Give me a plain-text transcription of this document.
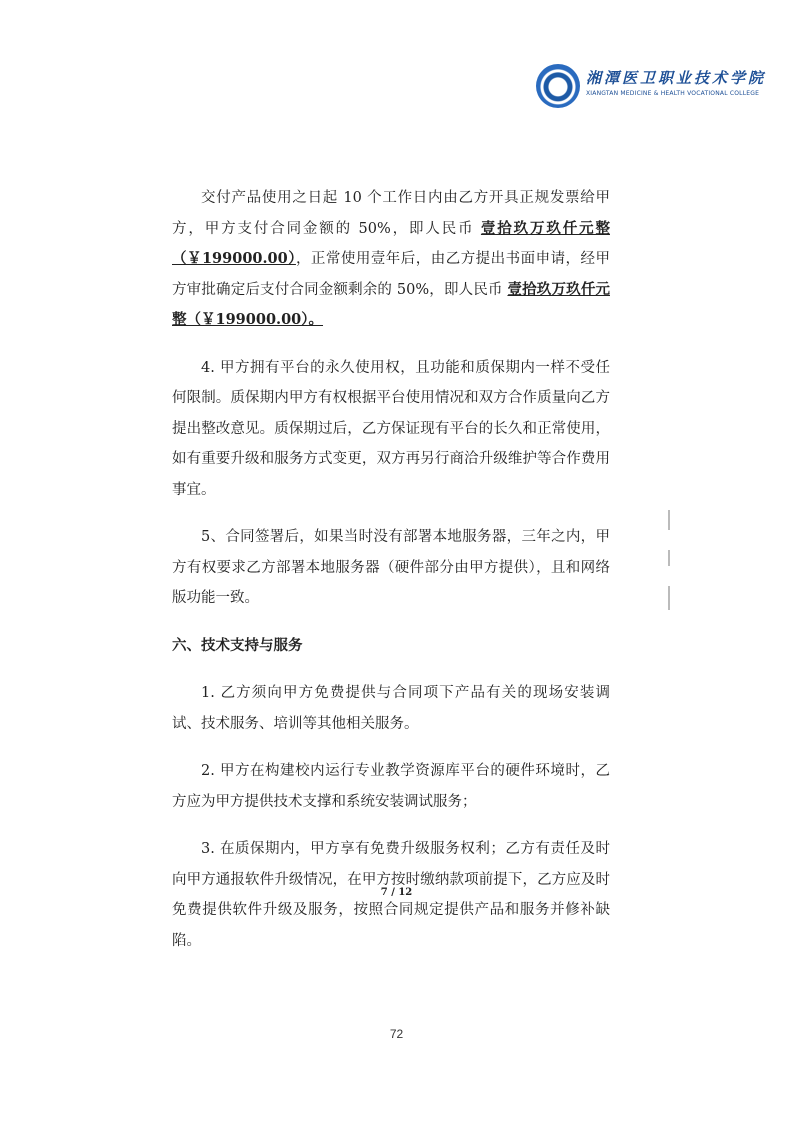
湘潭医卫职业技术学院
XIANGTAN MEDICINE & HEALTH VOCATIONAL COLLEGE

交付产品使用之日起 10 个工作日内由乙方开具正规发票给甲方，甲方支付合同金额的 50%，即人民币 壹拾玖万玖仟元整（￥199000.00），正常使用壹年后，由乙方提出书面申请，经甲方审批确定后支付合同金额剩余的 50%，即人民币 壹拾玖万玖仟元整（￥199000.00）。

4. 甲方拥有平台的永久使用权，且功能和质保期内一样不受任何限制。质保期内甲方有权根据平台使用情况和双方合作质量向乙方提出整改意见。质保期过后，乙方保证现有平台的长久和正常使用，如有重要升级和服务方式变更，双方再另行商洽升级维护等合作费用事宜。

5、合同签署后，如果当时没有部署本地服务器，三年之内，甲方有权要求乙方部署本地服务器（硬件部分由甲方提供），且和网络版功能一致。

六、技术支持与服务

1. 乙方须向甲方免费提供与合同项下产品有关的现场安装调试、技术服务、培训等其他相关服务。

2. 甲方在构建校内运行专业教学资源库平台的硬件环境时，乙方应为甲方提供技术支撑和系统安装调试服务；

3. 在质保期内，甲方享有免费升级服务权利；乙方有责任及时向甲方通报软件升级情况，在甲方按时缴纳款项前提下，乙方应及时免费提供软件升级及服务，按照合同规定提供产品和服务并修补缺陷。

7 / 12
72
